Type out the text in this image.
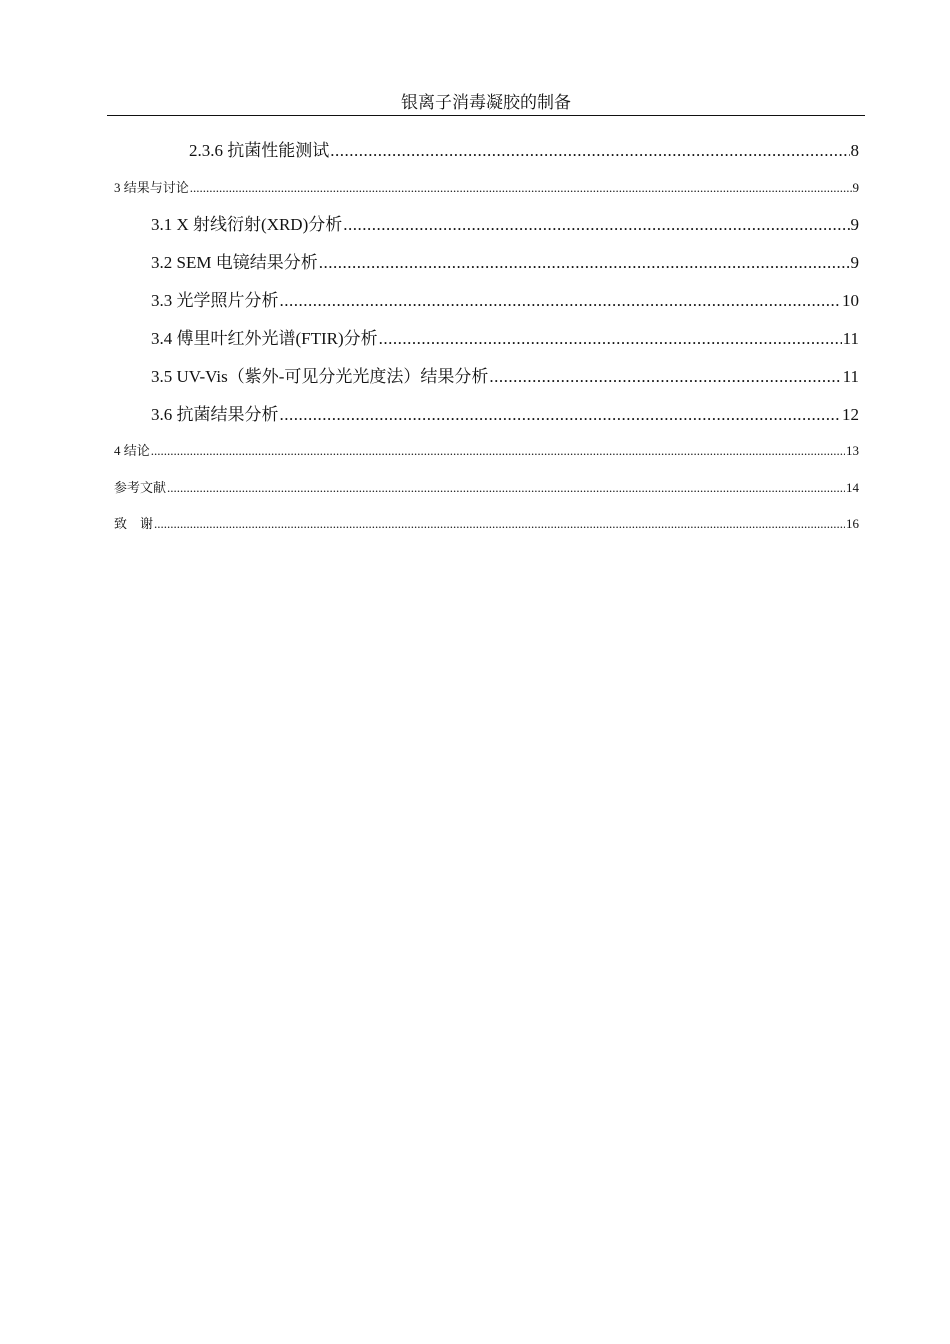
银离子消毒凝胶的制备
2.3.6 抗菌性能测试 .....	8
3 结果与讨论 .....	9
3.1 X 射线衍射(XRD)分析 .....	9
3.2 SEM 电镜结果分析 .....	9
3.3 光学照片分析 .....	10
3.4 傅里叶红外光谱(FTIR)分析 .....	11
3.5 UV-Vis（紫外-可见分光光度法）结果分析 .....	11
3.6 抗菌结果分析 .....	12
4 结论 .....	13
参考文献 .....	14
致    谢 .....	16
